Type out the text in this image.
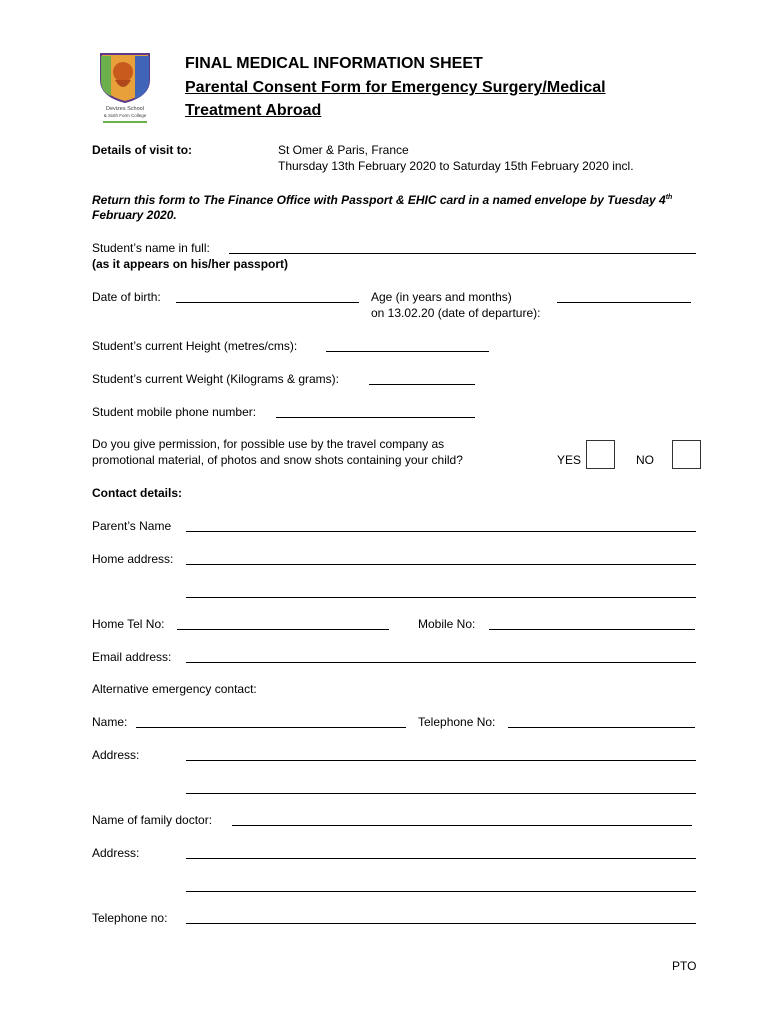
Devizes School
& Sixth Form College
FINAL MEDICAL INFORMATION SHEET
Parental Consent Form for Emergency Surgery/Medical
Treatment Abroad
Details of visit to:	St Omer & Paris, France
Thursday 13th February 2020 to Saturday 15th February 2020 incl.
Return this form to The Finance Office with Passport & EHIC card in a named envelope by Tuesday 4th
February 2020.
Student’s name in full:
(as it appears on his/her passport)
Date of birth:	Age (in years and months)
on 13.02.20 (date of departure):
Student’s current Height (metres/cms):
Student’s current Weight (Kilograms & grams):
Student mobile phone number:
Do you give permission, for possible use by the travel company as
promotional material, of photos and snow shots containing your child?	YES	NO
Contact details:
Parent’s Name
Home address:
Home Tel No:	Mobile No:
Email address:
Alternative emergency contact:
Name:	Telephone No:
Address:
Name of family doctor:
Address:
Telephone no:
PTO
